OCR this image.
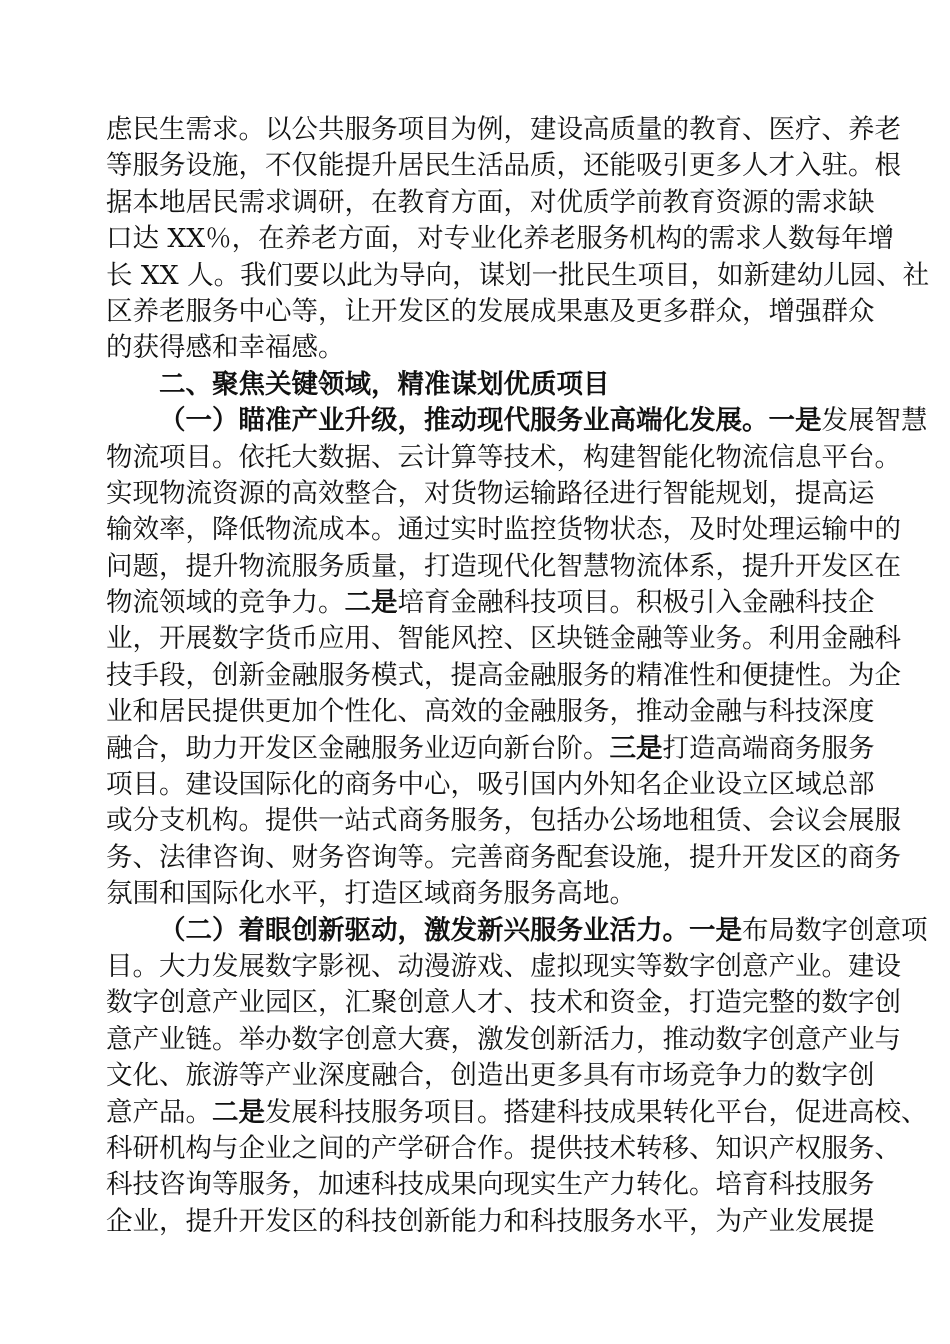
虑民生需求。以公共服务项目为例，建设高质量的教育、医疗、养老
等服务设施，不仅能提升居民生活品质，还能吸引更多人才入驻。根
据本地居民需求调研，在教育方面，对优质学前教育资源的需求缺
口达 XX％，在养老方面，对专业化养老服务机构的需求人数每年增
长 XX 人。我们要以此为导向，谋划一批民生项目，如新建幼儿园、社
区养老服务中心等，让开发区的发展成果惠及更多群众，增强群众
的获得感和幸福感。
二、聚焦关键领域，精准谋划优质项目
（一）瞄准产业升级，推动现代服务业高端化发展。一是发展智慧
物流项目。依托大数据、云计算等技术，构建智能化物流信息平台。
实现物流资源的高效整合，对货物运输路径进行智能规划，提高运
输效率，降低物流成本。通过实时监控货物状态，及时处理运输中的
问题，提升物流服务质量，打造现代化智慧物流体系，提升开发区在
物流领域的竞争力。二是培育金融科技项目。积极引入金融科技企
业，开展数字货币应用、智能风控、区块链金融等业务。利用金融科
技手段，创新金融服务模式，提高金融服务的精准性和便捷性。为企
业和居民提供更加个性化、高效的金融服务，推动金融与科技深度
融合，助力开发区金融服务业迈向新台阶。三是打造高端商务服务
项目。建设国际化的商务中心，吸引国内外知名企业设立区域总部
或分支机构。提供一站式商务服务，包括办公场地租赁、会议会展服
务、法律咨询、财务咨询等。完善商务配套设施，提升开发区的商务
氛围和国际化水平，打造区域商务服务高地。
（二）着眼创新驱动，激发新兴服务业活力。一是布局数字创意项
目。大力发展数字影视、动漫游戏、虚拟现实等数字创意产业。建设
数字创意产业园区，汇聚创意人才、技术和资金，打造完整的数字创
意产业链。举办数字创意大赛，激发创新活力，推动数字创意产业与
文化、旅游等产业深度融合，创造出更多具有市场竞争力的数字创
意产品。二是发展科技服务项目。搭建科技成果转化平台，促进高校、
科研机构与企业之间的产学研合作。提供技术转移、知识产权服务、
科技咨询等服务，加速科技成果向现实生产力转化。培育科技服务
企业，提升开发区的科技创新能力和科技服务水平，为产业发展提
